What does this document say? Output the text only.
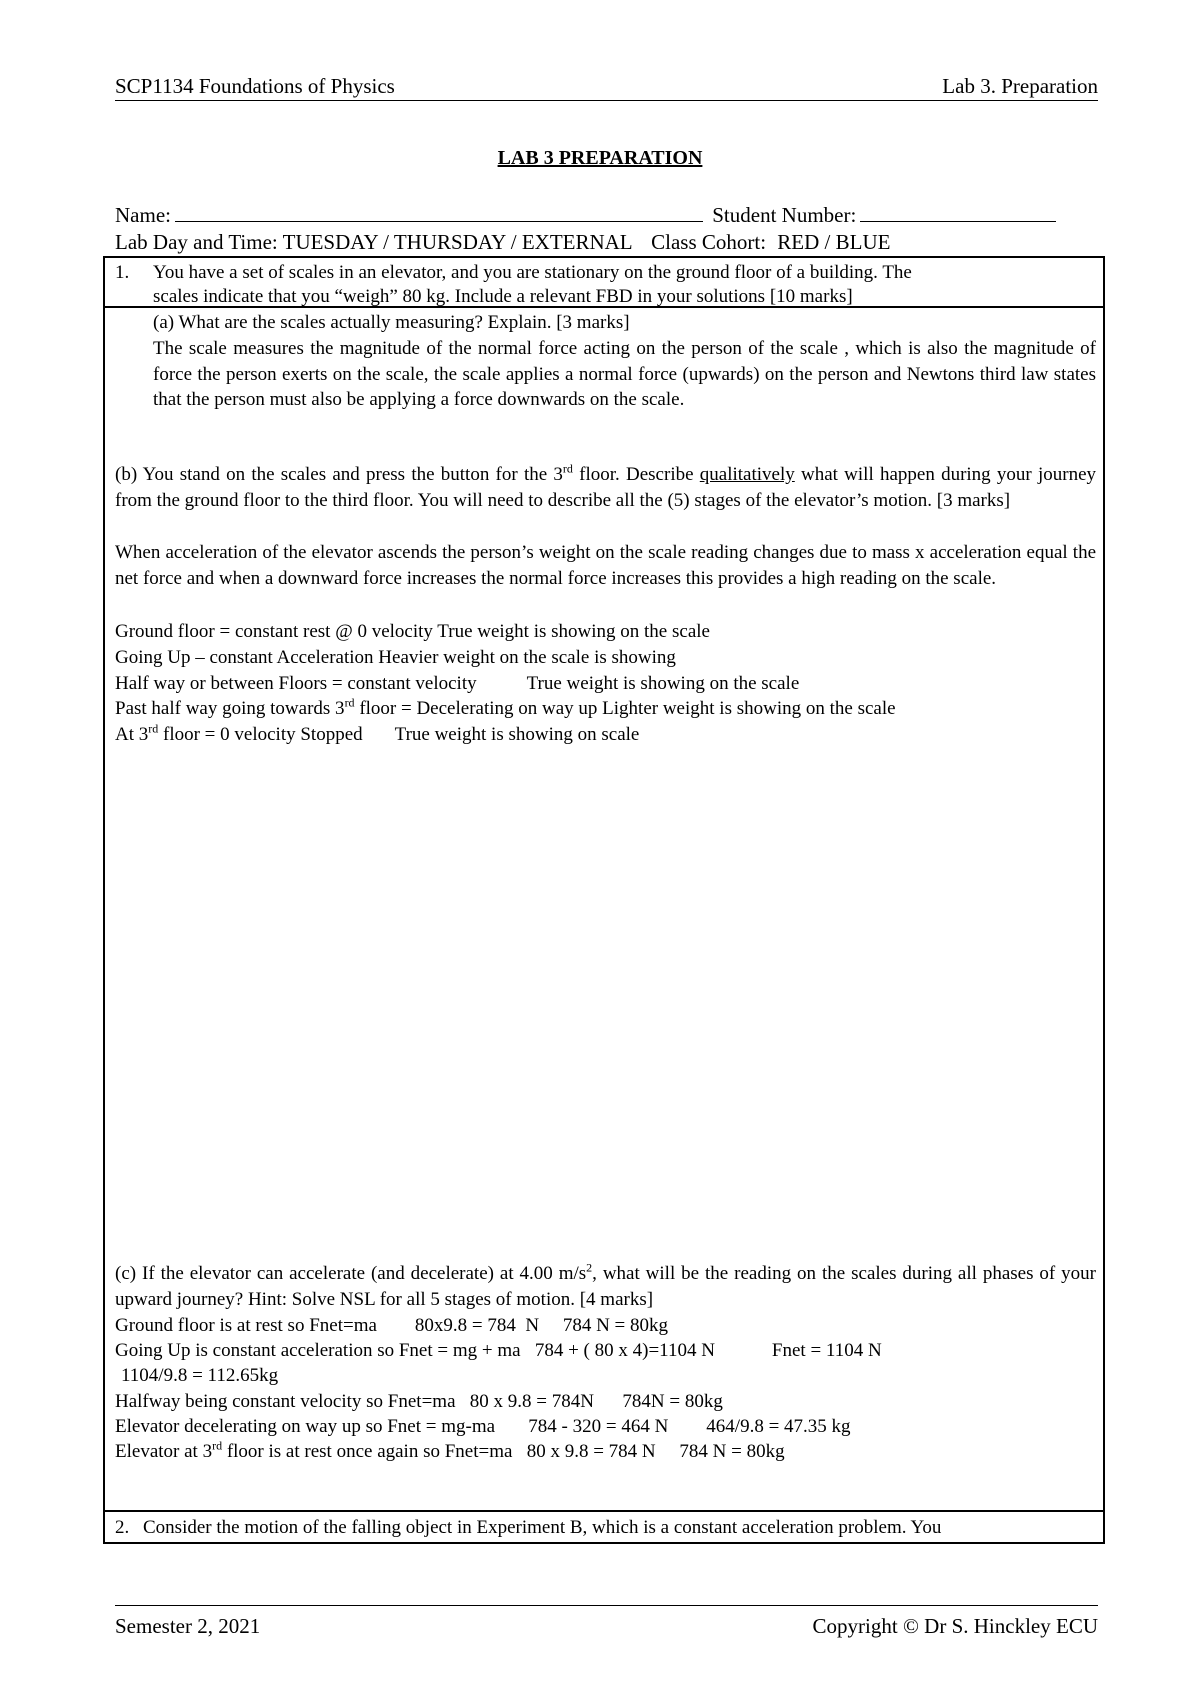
SCP1134 Foundations of Physics	Lab 3. Preparation
LAB 3 PREPARATION
Name:	Student Number:
Lab Day and Time: TUESDAY / THURSDAY / EXTERNAL Class Cohort: RED / BLUE
1. You have a set of scales in an elevator, and you are stationary on the ground floor of a building. The
scales indicate that you “weigh” 80 kg. Include a relevant FBD in your solutions [10 marks]
(a) What are the scales actually measuring? Explain. [3 marks]
The scale measures the magnitude of the normal force acting on the person of the scale , which is also the magnitude of force the person exerts on the scale, the scale applies a normal force (upwards) on the person and Newtons third law states that the person must also be applying a force downwards on the scale.
(b) You stand on the scales and press the button for the 3rd floor. Describe qualitatively what will happen during your journey from the ground floor to the third floor. You will need to describe all the (5) stages of the elevator’s motion. [3 marks]
When acceleration of the elevator ascends the person’s weight on the scale reading changes due to mass x acceleration equal the net force and when a downward force increases the normal force increases this provides a high reading on the scale.
Ground floor = constant rest @ 0 velocity True weight is showing on the scale
Going Up – constant Acceleration Heavier weight on the scale is showing
Half way or between Floors = constant velocity	True weight is showing on the scale
Past half way going towards 3rd floor = Decelerating on way up Lighter weight is showing on the scale
At 3rd floor = 0 velocity Stopped True weight is showing on scale
(c) If the elevator can accelerate (and decelerate) at 4.00 $m/s^2$, what will be the reading on the scales during all phases of your upward journey? Hint: Solve NSL for all 5 stages of motion. [4 marks]
Ground floor is at rest so Fnet=ma        80x9.8 = 784  N     784 N = 80kg
Going Up is constant acceleration so Fnet = mg + ma   784 + ( 80 x 4)=1104 N            Fnet = 1104 N
1104/9.8 = 112.65kg
Halfway being constant velocity so Fnet=ma   80 x 9.8 = 784N      784N = 80kg
Elevator decelerating on way up so Fnet = mg-ma       784 - 320 = 464 N        464/9.8 = 47.35 kg
Elevator at 3rd floor is at rest once again so Fnet=ma   80 x 9.8 = 784 N     784 N = 80kg
2. Consider the motion of the falling object in Experiment B, which is a constant acceleration problem. You
Semester 2, 2021	Copyright © Dr S. Hinckley ECU
